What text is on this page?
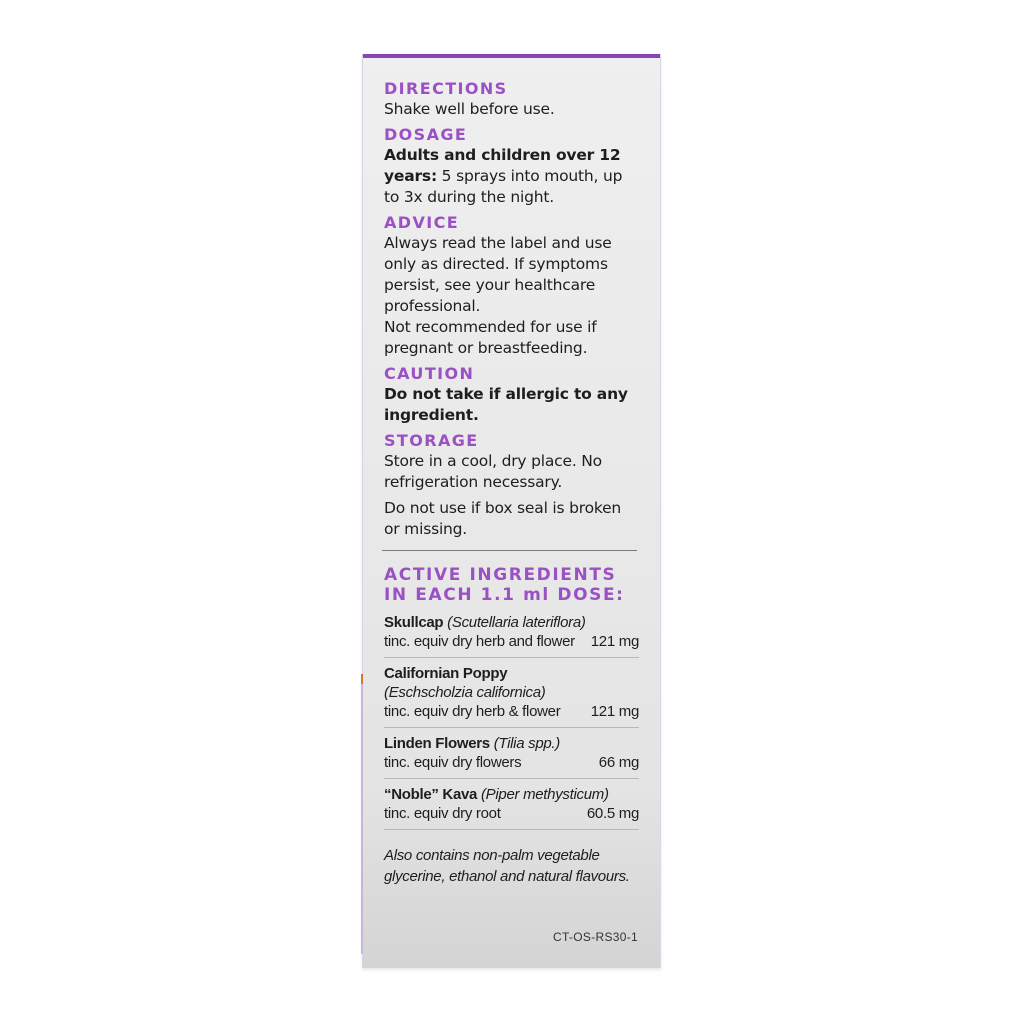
DIRECTIONS

Shake well before use.

DOSAGE

Adults and children over 12 years: 5 sprays into mouth, up to 3x during the night.

ADVICE

Always read the label and use only as directed. If symptoms persist, see your healthcare professional.

Not recommended for use if pregnant or breastfeeding.

CAUTION

Do not take if allergic to any ingredient.

STORAGE

Store in a cool, dry place. No refrigeration necessary.

Do not use if box seal is broken or missing.

ACTIVE INGREDIENTS
IN EACH 1.1 ml DOSE:
Skullcap (Scutellaria lateriflora)
tinc. equiv dry herb and flower 121 mg
Californian Poppy
(Eschscholzia californica)
tinc. equiv dry herb & flower 121 mg
Linden Flowers (Tilia spp.)
tinc. equiv dry flowers	66 mg
“Noble” Kava (Piper methysticum)
tinc. equiv dry root	60.5 mg

Also contains non-palm vegetable glycerine, ethanol and natural flavours.

CT-OS-RS30-1
